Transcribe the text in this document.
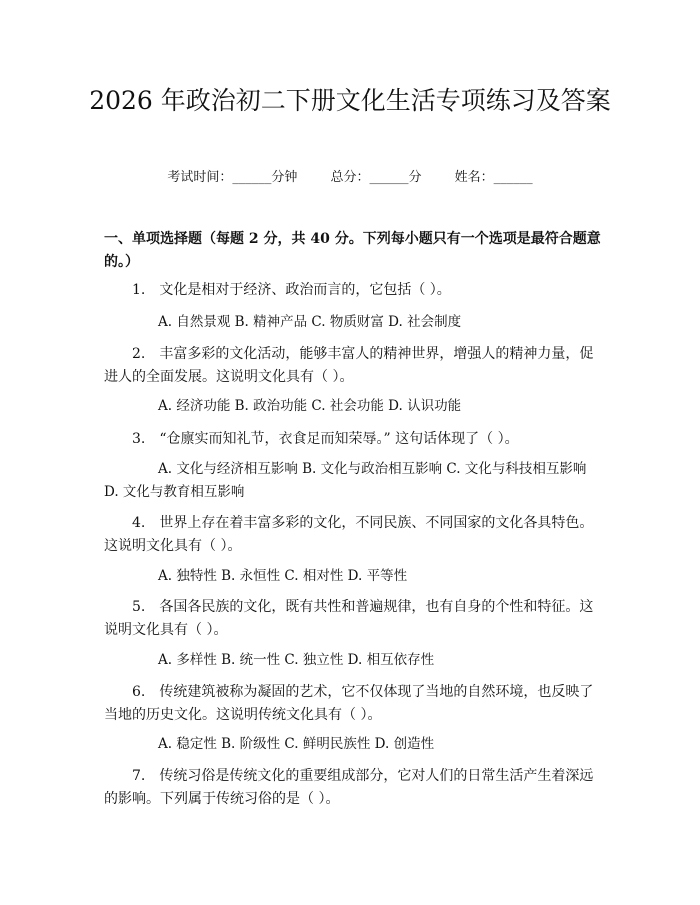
2026 年政治初二下册文化生活专项练习及答案
考试时间：______分钟	总分：______分	姓名：______
一、单项选择题（每题 2 分，共 40 分。下列每小题只有一个选项是最符合题意的。）
1.　文化是相对于经济、政治而言的，它包括（ ）。
A. 自然景观 B. 精神产品 C. 物质财富 D. 社会制度
2.　丰富多彩的文化活动，能够丰富人的精神世界，增强人的精神力量，促进人的全面发展。这说明文化具有（ ）。
A. 经济功能 B. 政治功能 C. 社会功能 D. 认识功能
3.　“仓廪实而知礼节，衣食足而知荣辱。” 这句话体现了（ ）。
A. 文化与经济相互影响 B. 文化与政治相互影响 C. 文化与科技相互影响 D. 文化与教育相互影响
4.　世界上存在着丰富多彩的文化，不同民族、不同国家的文化各具特色。这说明文化具有（ ）。
A. 独特性 B. 永恒性 C. 相对性 D. 平等性
5.　各国各民族的文化，既有共性和普遍规律，也有自身的个性和特征。这说明文化具有（ ）。
A. 多样性 B. 统一性 C. 独立性 D. 相互依存性
6.　传统建筑被称为凝固的艺术，它不仅体现了当地的自然环境，也反映了当地的历史文化。这说明传统文化具有（ ）。
A. 稳定性 B. 阶级性 C. 鲜明民族性 D. 创造性
7.　传统习俗是传统文化的重要组成部分，它对人们的日常生活产生着深远的影响。下列属于传统习俗的是（ ）。
